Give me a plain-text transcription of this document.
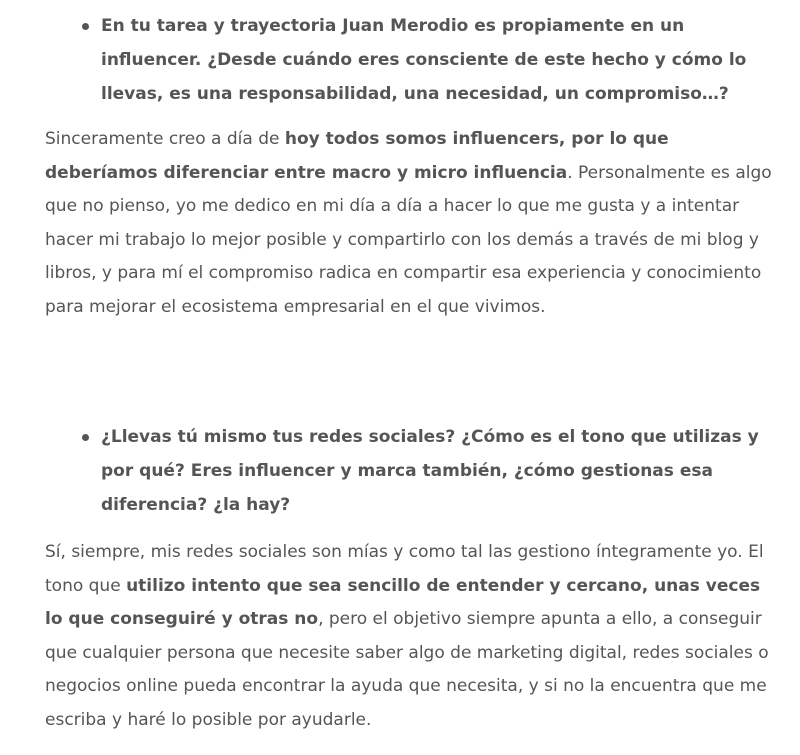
En tu tarea y trayectoria Juan Merodio es propiamente en un influencer. ¿Desde cuándo eres consciente de este hecho y cómo lo llevas, es una responsabilidad, una necesidad, un compromiso…?

Sinceramente creo a día de hoy todos somos influencers, por lo que deberíamos diferenciar entre macro y micro influencia. Personalmente es algo que no pienso, yo me dedico en mi día a día a hacer lo que me gusta y a intentar hacer mi trabajo lo mejor posible y compartirlo con los demás a través de mi blog y libros, y para mí el compromiso radica en compartir esa experiencia y conocimiento para mejorar el ecosistema empresarial en el que vivimos.

¿Llevas tú mismo tus redes sociales? ¿Cómo es el tono que utilizas y por qué? Eres influencer y marca también, ¿cómo gestionas esa diferencia? ¿la hay?

Sí, siempre, mis redes sociales son mías y como tal las gestiono íntegramente yo. El tono que utilizo intento que sea sencillo de entender y cercano, unas veces lo que conseguiré y otras no, pero el objetivo siempre apunta a ello, a conseguir que cualquier persona que necesite saber algo de marketing digital, redes sociales o negocios online pueda encontrar la ayuda que necesita, y si no la encuentra que me escriba y haré lo posible por ayudarle.
